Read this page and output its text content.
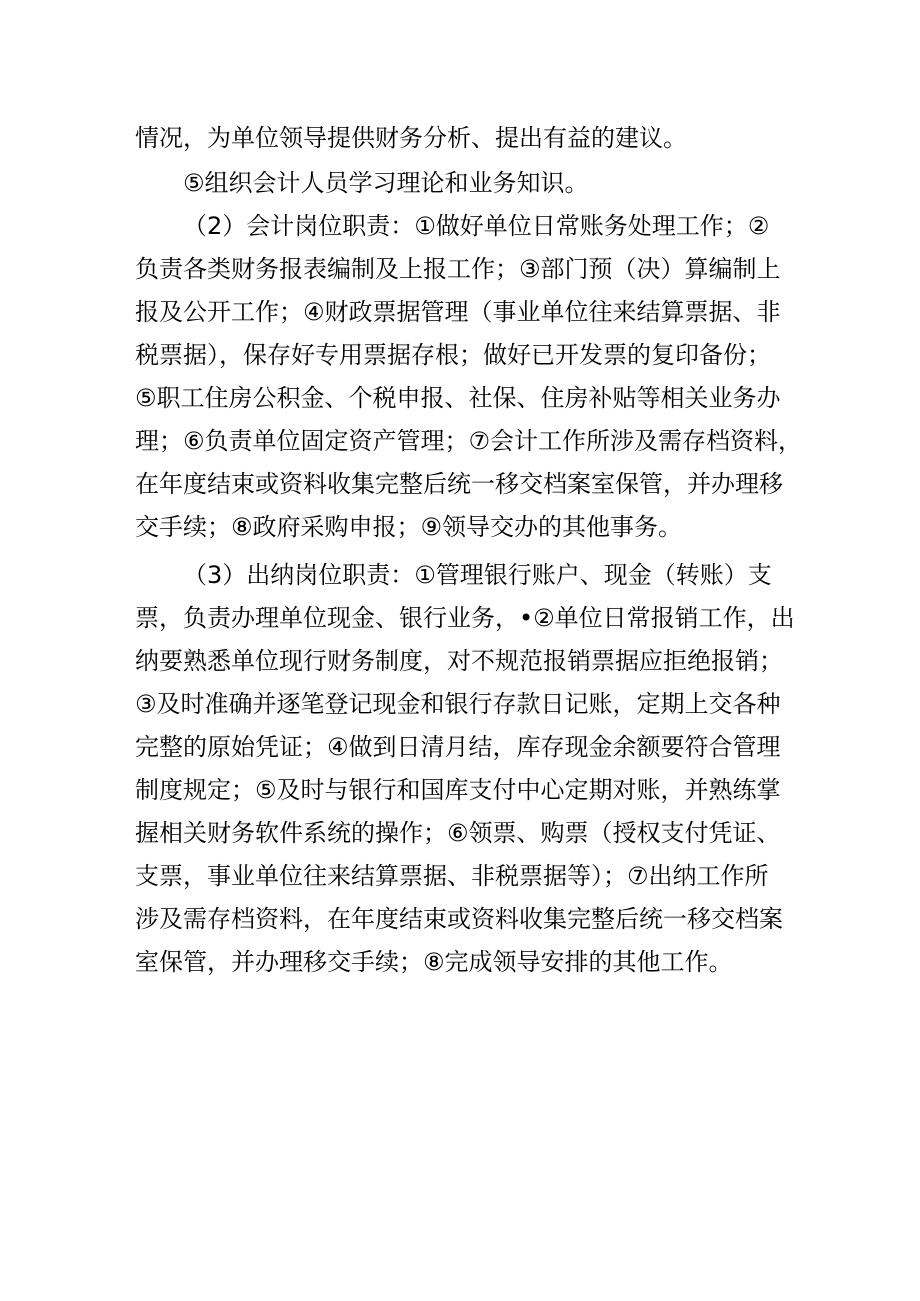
情况，为单位领导提供财务分析、提出有益的建议。
⑤组织会计人员学习理论和业务知识。
（2）会计岗位职责：①做好单位日常账务处理工作；②
负责各类财务报表编制及上报工作；③部门预（决）算编制上
报及公开工作；④财政票据管理（事业单位往来结算票据、非
税票据），保存好专用票据存根；做好已开发票的复印备份；
⑤职工住房公积金、个税申报、社保、住房补贴等相关业务办
理；⑥负责单位固定资产管理；⑦会计工作所涉及需存档资料，
在年度结束或资料收集完整后统一移交档案室保管，并办理移
交手续；⑧政府采购申报；⑨领导交办的其他事务。
（3）出纳岗位职责：①管理银行账户、现金（转账）支
票，负责办理单位现金、银行业务，•②单位日常报销工作，出
纳要熟悉单位现行财务制度，对不规范报销票据应拒绝报销；
③及时准确并逐笔登记现金和银行存款日记账，定期上交各种
完整的原始凭证；④做到日清月结，库存现金余额要符合管理
制度规定；⑤及时与银行和国库支付中心定期对账，并熟练掌
握相关财务软件系统的操作；⑥领票、购票（授权支付凭证、
支票，事业单位往来结算票据、非税票据等）；⑦出纳工作所
涉及需存档资料，在年度结束或资料收集完整后统一移交档案
室保管，并办理移交手续；⑧完成领导安排的其他工作。
